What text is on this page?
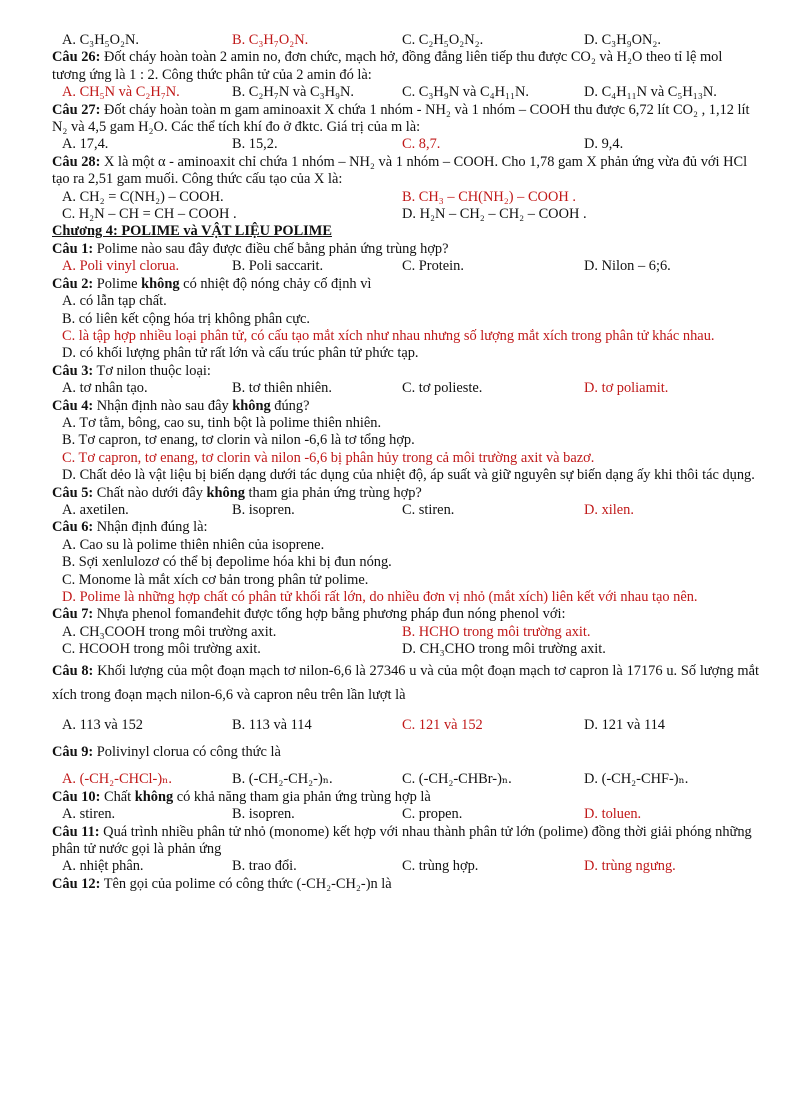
A. C₃H₅O₂N.	B. C₃H₇O₂N.	C. C₂H₅O₂N₂.	D. C₃H₉ON₂.
Câu 26: Đốt cháy hoàn toàn 2 amin no, đơn chức, mạch hở, đồng đẳng liên tiếp thu được CO₂ và H₂O theo tỉ lệ mol tương ứng là 1 : 2. Công thức phân tử của 2 amin đó là:
A. CH₅N và C₂H₇N.	B. C₂H₇N và C₃H₉N.	C. C₃H₉N và C₄H₁₁N.	D. C₄H₁₁N và C₅H₁₃N.
Câu 27: Đốt cháy hoàn toàn m gam aminoaxit X chứa 1 nhóm - NH₂ và 1 nhóm – COOH thu được 6,72 lít CO₂ , 1,12 lít N₂ và 4,5 gam H₂O. Các thể tích khí đo ở đktc. Giá trị của m là:
A. 17,4.	B. 15,2.	C. 8,7.	D. 9,4.
Câu 28: X là một α - aminoaxit chỉ chứa 1 nhóm – NH₂ và 1 nhóm – COOH. Cho 1,78 gam X phản ứng vừa đủ với HCl tạo ra 2,51 gam muối. Công thức cấu tạo của X là:
A. CH₂ = C(NH₂) – COOH.	B. CH₃ – CH(NH₂) – COOH .
C. H₂N – CH = CH – COOH .	D. H₂N – CH₂ – CH₂ – COOH .
Chương 4: POLIME và VẬT LIỆU POLIME
Câu 1: Polime nào sau đây được điều chế bằng phản ứng trùng hợp?
A. Poli vinyl clorua.	B. Poli saccarit.	C. Protein.	D. Nilon – 6;6.
Câu 2: Polime không có nhiệt độ nóng chảy cố định vì
A. có lẫn tạp chất.
B. có liên kết cộng hóa trị không phân cực.
C. là tập hợp nhiều loại phân tử, có cấu tạo mắt xích như nhau nhưng số lượng mắt xích trong phân tử khác nhau.
D. có khối lượng phân tử rất lớn và cấu trúc phân tử phức tạp.
Câu 3: Tơ nilon thuộc loại:
A. tơ nhân tạo.	B. tơ thiên nhiên.	C. tơ polieste.	D. tơ poliamit.
Câu 4: Nhận định nào sau đây không đúng?
A. Tơ tằm, bông, cao su, tinh bột là polime thiên nhiên.
B. Tơ capron, tơ enang, tơ clorin và nilon -6,6 là tơ tổng hợp.
C. Tơ capron, tơ enang, tơ clorin và nilon -6,6 bị phân hủy trong cả môi trường axit và bazơ.
D. Chất dẻo là vật liệu bị biến dạng dưới tác dụng của nhiệt độ, áp suất và giữ nguyên sự biến dạng ấy khi thôi tác dụng.
Câu 5: Chất nào dưới đây không tham gia phản ứng trùng hợp?
A. axetilen.	B. isopren.	C. stiren.	D. xilen.
Câu 6: Nhận định đúng là:
A. Cao su là polime thiên nhiên của isoprene.
B. Sợi xenlulozơ có thể bị đepolime hóa khi bị đun nóng.
C. Monome là mắt xích cơ bản trong phân tử polime.
D. Polime là những hợp chất có phân tử khối rất lớn, do nhiều đơn vị nhỏ (mắt xích) liên kết với nhau tạo nên.
Câu 7: Nhựa phenol fomanđehit được tổng hợp bằng phương pháp đun nóng phenol với:
A. CH₃COOH trong môi trường axit.	B. HCHO trong môi trường axit.
C. HCOOH trong môi trường axit.	D. CH₃CHO trong môi trường axit.
Câu 8: Khối lượng của một đoạn mạch tơ nilon-6,6 là 27346 u và của một đoạn mạch tơ capron là 17176 u. Số lượng mắt xích trong đoạn mạch nilon-6,6 và capron nêu trên lần lượt là
A. 113 và 152	B. 113 và 114	C. 121 và 152	D. 121 và 114
Câu 9: Polivinyl clorua có công thức là
A. (-CH₂-CHCl-)ₙ.	B. (-CH₂-CH₂-)ₙ.	C. (-CH₂-CHBr-)ₙ.	D. (-CH₂-CHF-)ₙ.
Câu 10: Chất không có khả năng tham gia phản ứng trùng hợp là
A. stiren.	B. isopren.	C. propen.	D. toluen.
Câu 11: Quá trình nhiều phân tử nhỏ (monome) kết hợp với nhau thành phân tử lớn (polime) đồng thời giải phóng những phân tử nước gọi là phản ứng
A. nhiệt phân.	B. trao đổi.	C. trùng hợp.	D. trùng ngưng.
Câu 12: Tên gọi của polime có công thức (-CH₂-CH₂-)n là
